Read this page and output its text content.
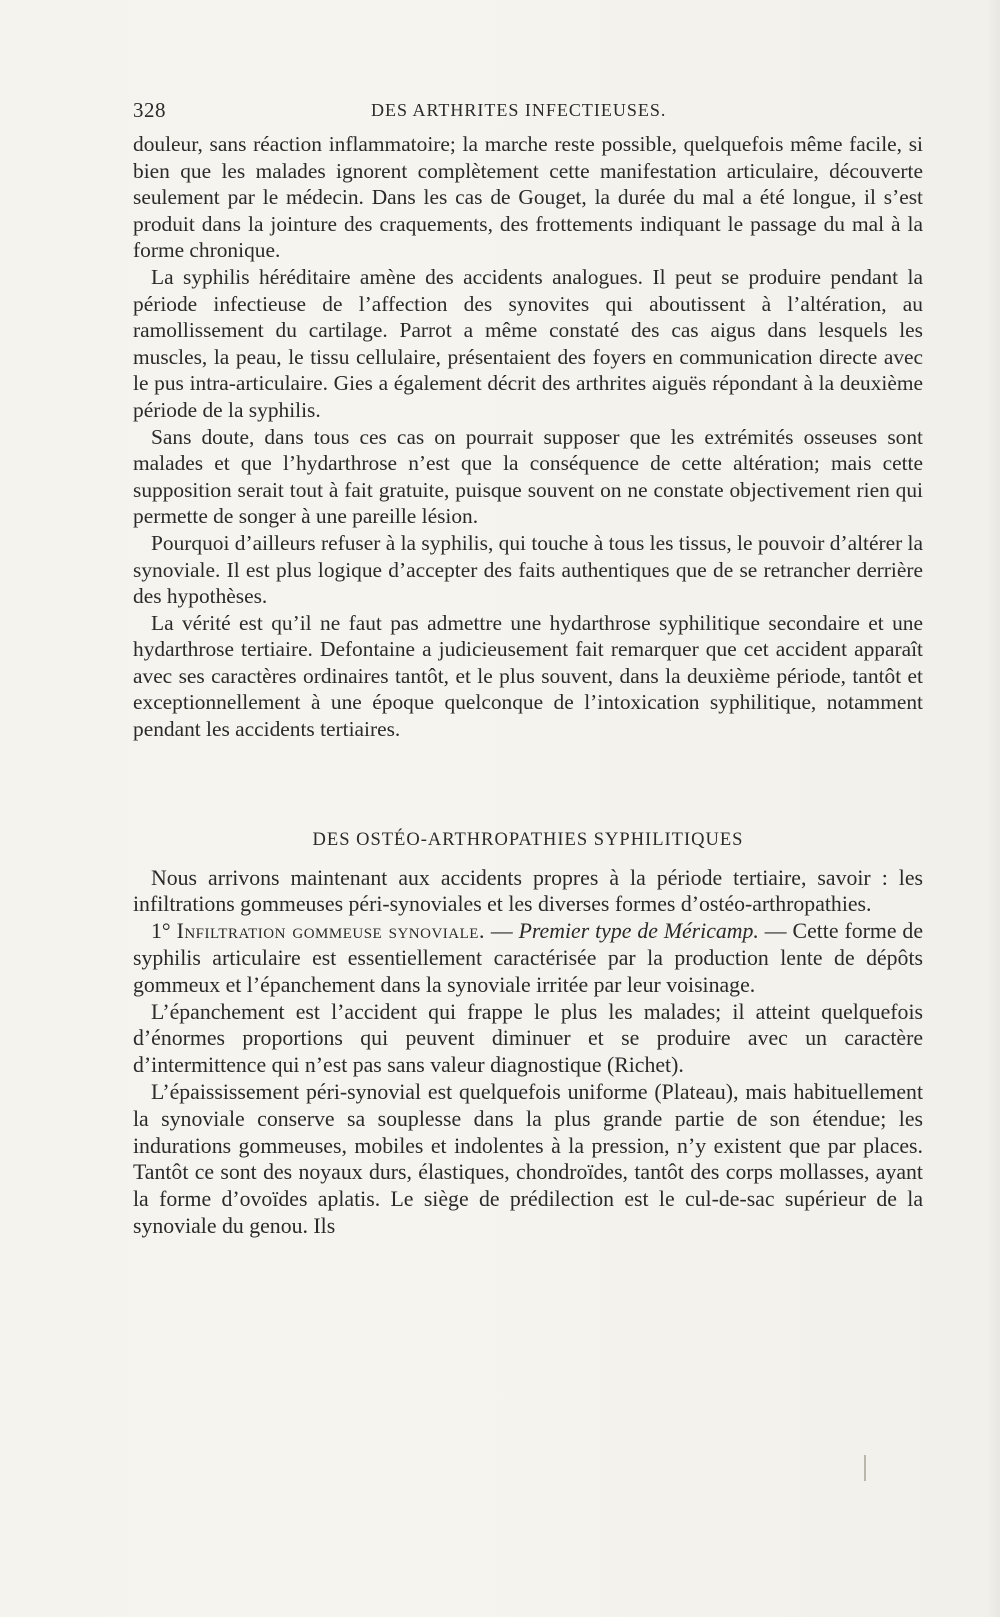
328	DES ARTHRITES INFECTIEUSES.

douleur, sans réaction inflammatoire; la marche reste possible, quelquefois même facile, si bien que les malades ignorent complètement cette manifestation articulaire, découverte seulement par le médecin. Dans les cas de Gouget, la durée du mal a été longue, il s’est produit dans la jointure des craquements, des frottements indiquant le passage du mal à la forme chronique.

La syphilis héréditaire amène des accidents analogues. Il peut se produire pendant la période infectieuse de l’affection des synovites qui aboutissent à l’altération, au ramollissement du cartilage. Parrot a même constaté des cas aigus dans lesquels les muscles, la peau, le tissu cellulaire, présentaient des foyers en communication directe avec le pus intra-articulaire. Gies a également décrit des arthrites aiguës répondant à la deuxième période de la syphilis.

Sans doute, dans tous ces cas on pourrait supposer que les extrémités osseuses sont malades et que l’hydarthrose n’est que la conséquence de cette altération; mais cette supposition serait tout à fait gratuite, puisque souvent on ne constate objectivement rien qui permette de songer à une pareille lésion.

Pourquoi d’ailleurs refuser à la syphilis, qui touche à tous les tissus, le pouvoir d’altérer la synoviale. Il est plus logique d’accepter des faits authentiques que de se retrancher derrière des hypothèses.

La vérité est qu’il ne faut pas admettre une hydarthrose syphilitique secondaire et une hydarthrose tertiaire. Defontaine a judicieusement fait remarquer que cet accident apparaît avec ses caractères ordinaires tantôt, et le plus souvent, dans la deuxième période, tantôt et exceptionnellement à une époque quelconque de l’intoxication syphilitique, notamment pendant les accidents tertiaires.

DES OSTÉO-ARTHROPATHIES SYPHILITIQUES

Nous arrivons maintenant aux accidents propres à la période tertiaire, savoir : les infiltrations gommeuses péri-synoviales et les diverses formes d’ostéo-arthropathies.

1° Infiltration gommeuse synoviale. — Premier type de Méricamp. — Cette forme de syphilis articulaire est essentiellement caractérisée par la production lente de dépôts gommeux et l’épanchement dans la synoviale irritée par leur voisinage.

L’épanchement est l’accident qui frappe le plus les malades; il atteint quelquefois d’énormes proportions qui peuvent diminuer et se produire avec un caractère d’intermittence qui n’est pas sans valeur diagnostique (Richet).

L’épaississement péri-synovial est quelquefois uniforme (Plateau), mais habituellement la synoviale conserve sa souplesse dans la plus grande partie de son étendue; les indurations gommeuses, mobiles et indolentes à la pression, n’y existent que par places. Tantôt ce sont des noyaux durs, élastiques, chondroïdes, tantôt des corps mollasses, ayant la forme d’ovoïdes aplatis. Le siège de prédilection est le cul-de-sac supérieur de la synoviale du genou. Ils
